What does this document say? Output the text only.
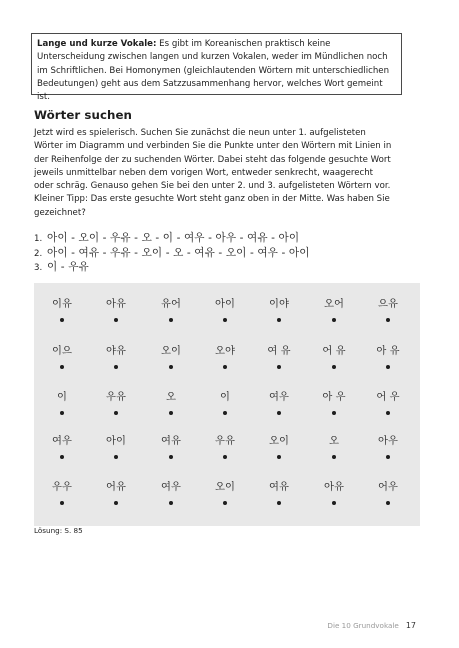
Lange und kurze Vokale: Es gibt im Koreanischen praktisch keine Unterscheidung zwischen langen und kurzen Vokalen, weder im Mündlichen noch im Schriftlichen. Bei Homonymen (gleichlautenden Wörtern mit unterschiedlichen Bedeutungen) geht aus dem Satzzusammenhang hervor, welches Wort gemeint ist.
Wörter suchen
Jetzt wird es spielerisch. Suchen Sie zunächst die neun unter 1. aufgelisteten Wörter im Diagramm und verbinden Sie die Punkte unter den Wörtern mit Linien in der Reihenfolge der zu suchenden Wörter. Dabei steht das folgende gesuchte Wort jeweils unmittelbar neben dem vorigen Wort, entweder senkrecht, waagerecht oder schräg. Genauso gehen Sie bei den unter 2. und 3. aufgelisteten Wörtern vor. Kleiner Tipp: Das erste gesuchte Wort steht ganz oben in der Mitte. Was haben Sie gezeichnet?
1. 아이 - 오이 - 우유 - 오 - 이 - 여우 - 아우 - 여유 - 아이
2. 아이 - 여유 - 우유 - 오이 - 오 - 여유 - 오이 - 여우 - 아이
3. 이 - 우유
이유	아유	유어	아이	이야	오어	으유
이으	야유	오이	오야	여 유	어 유	아 유
이	우유	오	이	여우	아 우	어 우
여우	아이	여유	우유	오이	오	아우
우우	어유	여우	오이	여유	아유	어우
Lösung: S. 85
Die 10 Grundvokale 17
